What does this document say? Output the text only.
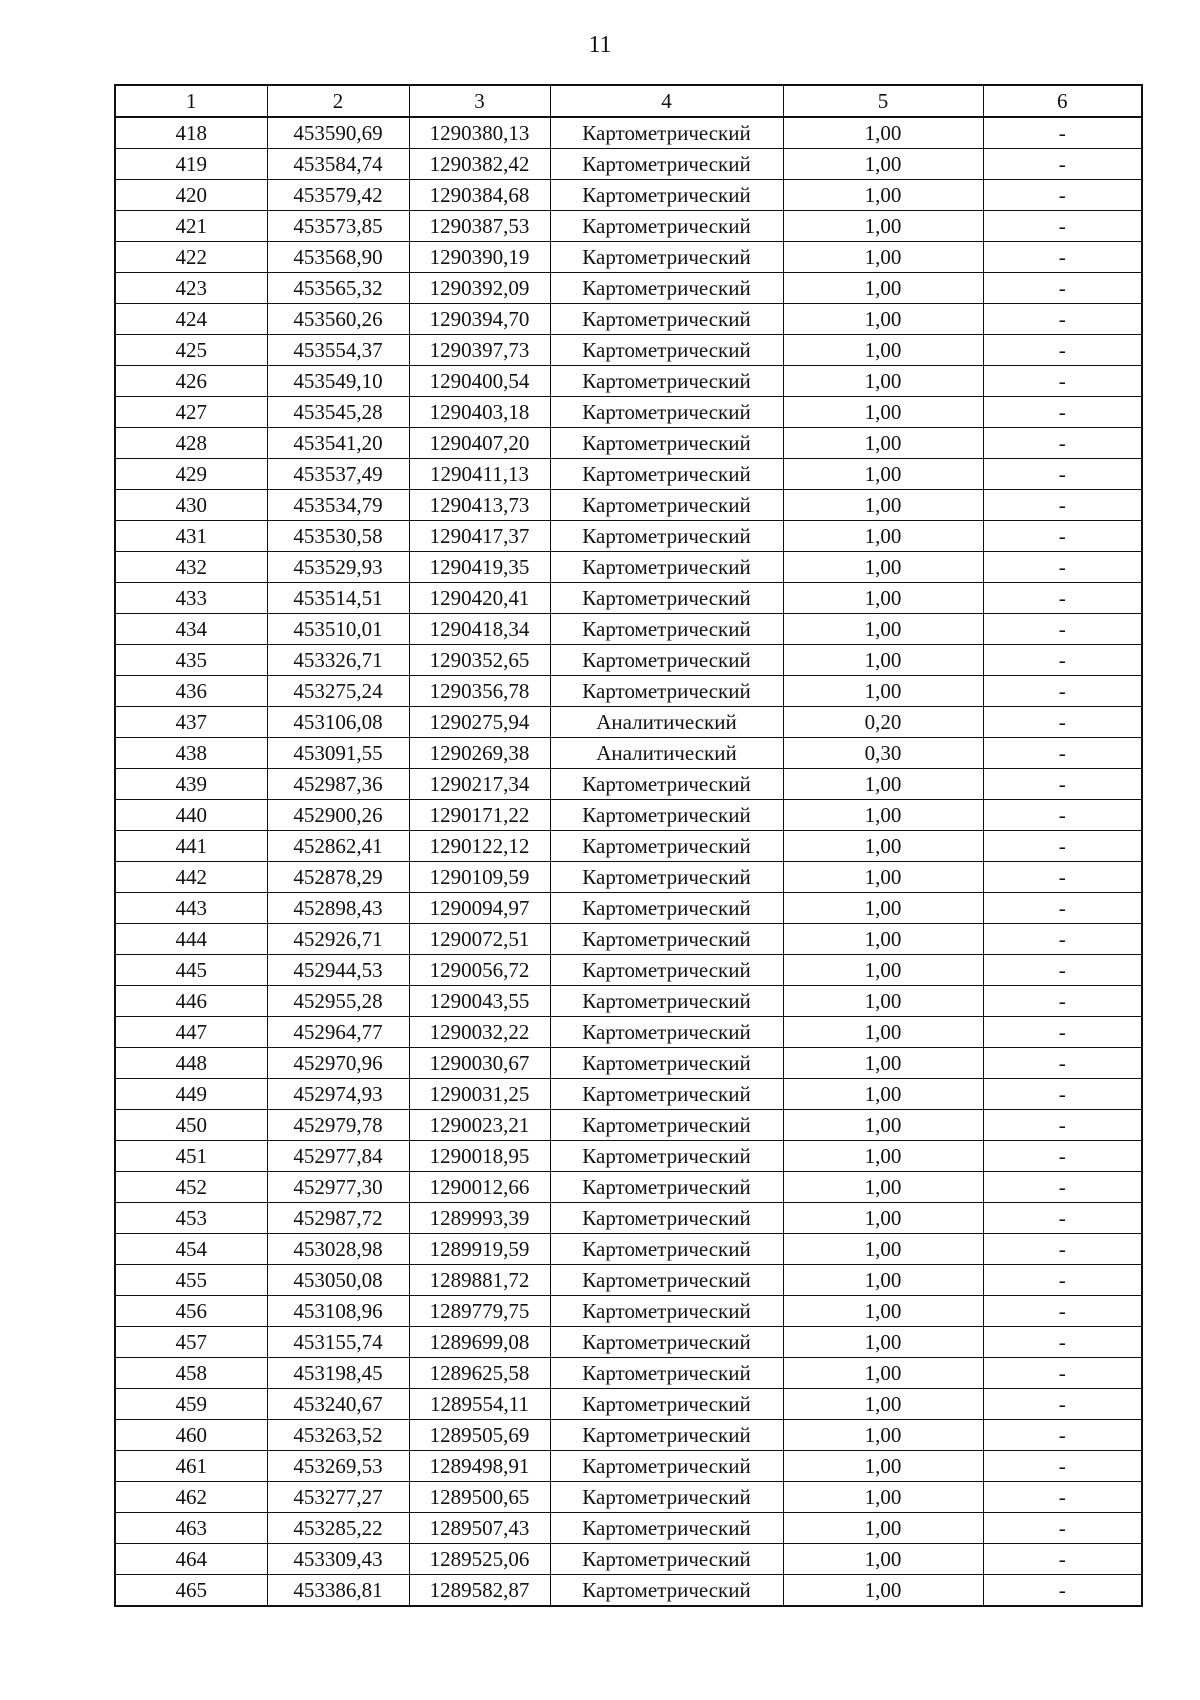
11
1	2	3	4	5	6
418	453590,69	1290380,13	Картометрический	1,00	-
419	453584,74	1290382,42	Картометрический	1,00	-
420	453579,42	1290384,68	Картометрический	1,00	-
421	453573,85	1290387,53	Картометрический	1,00	-
422	453568,90	1290390,19	Картометрический	1,00	-
423	453565,32	1290392,09	Картометрический	1,00	-
424	453560,26	1290394,70	Картометрический	1,00	-
425	453554,37	1290397,73	Картометрический	1,00	-
426	453549,10	1290400,54	Картометрический	1,00	-
427	453545,28	1290403,18	Картометрический	1,00	-
428	453541,20	1290407,20	Картометрический	1,00	-
429	453537,49	1290411,13	Картометрический	1,00	-
430	453534,79	1290413,73	Картометрический	1,00	-
431	453530,58	1290417,37	Картометрический	1,00	-
432	453529,93	1290419,35	Картометрический	1,00	-
433	453514,51	1290420,41	Картометрический	1,00	-
434	453510,01	1290418,34	Картометрический	1,00	-
435	453326,71	1290352,65	Картометрический	1,00	-
436	453275,24	1290356,78	Картометрический	1,00	-
437	453106,08	1290275,94	Аналитический	0,20	-
438	453091,55	1290269,38	Аналитический	0,30	-
439	452987,36	1290217,34	Картометрический	1,00	-
440	452900,26	1290171,22	Картометрический	1,00	-
441	452862,41	1290122,12	Картометрический	1,00	-
442	452878,29	1290109,59	Картометрический	1,00	-
443	452898,43	1290094,97	Картометрический	1,00	-
444	452926,71	1290072,51	Картометрический	1,00	-
445	452944,53	1290056,72	Картометрический	1,00	-
446	452955,28	1290043,55	Картометрический	1,00	-
447	452964,77	1290032,22	Картометрический	1,00	-
448	452970,96	1290030,67	Картометрический	1,00	-
449	452974,93	1290031,25	Картометрический	1,00	-
450	452979,78	1290023,21	Картометрический	1,00	-
451	452977,84	1290018,95	Картометрический	1,00	-
452	452977,30	1290012,66	Картометрический	1,00	-
453	452987,72	1289993,39	Картометрический	1,00	-
454	453028,98	1289919,59	Картометрический	1,00	-
455	453050,08	1289881,72	Картометрический	1,00	-
456	453108,96	1289779,75	Картометрический	1,00	-
457	453155,74	1289699,08	Картометрический	1,00	-
458	453198,45	1289625,58	Картометрический	1,00	-
459	453240,67	1289554,11	Картометрический	1,00	-
460	453263,52	1289505,69	Картометрический	1,00	-
461	453269,53	1289498,91	Картометрический	1,00	-
462	453277,27	1289500,65	Картометрический	1,00	-
463	453285,22	1289507,43	Картометрический	1,00	-
464	453309,43	1289525,06	Картометрический	1,00	-
465	453386,81	1289582,87	Картометрический	1,00	-
